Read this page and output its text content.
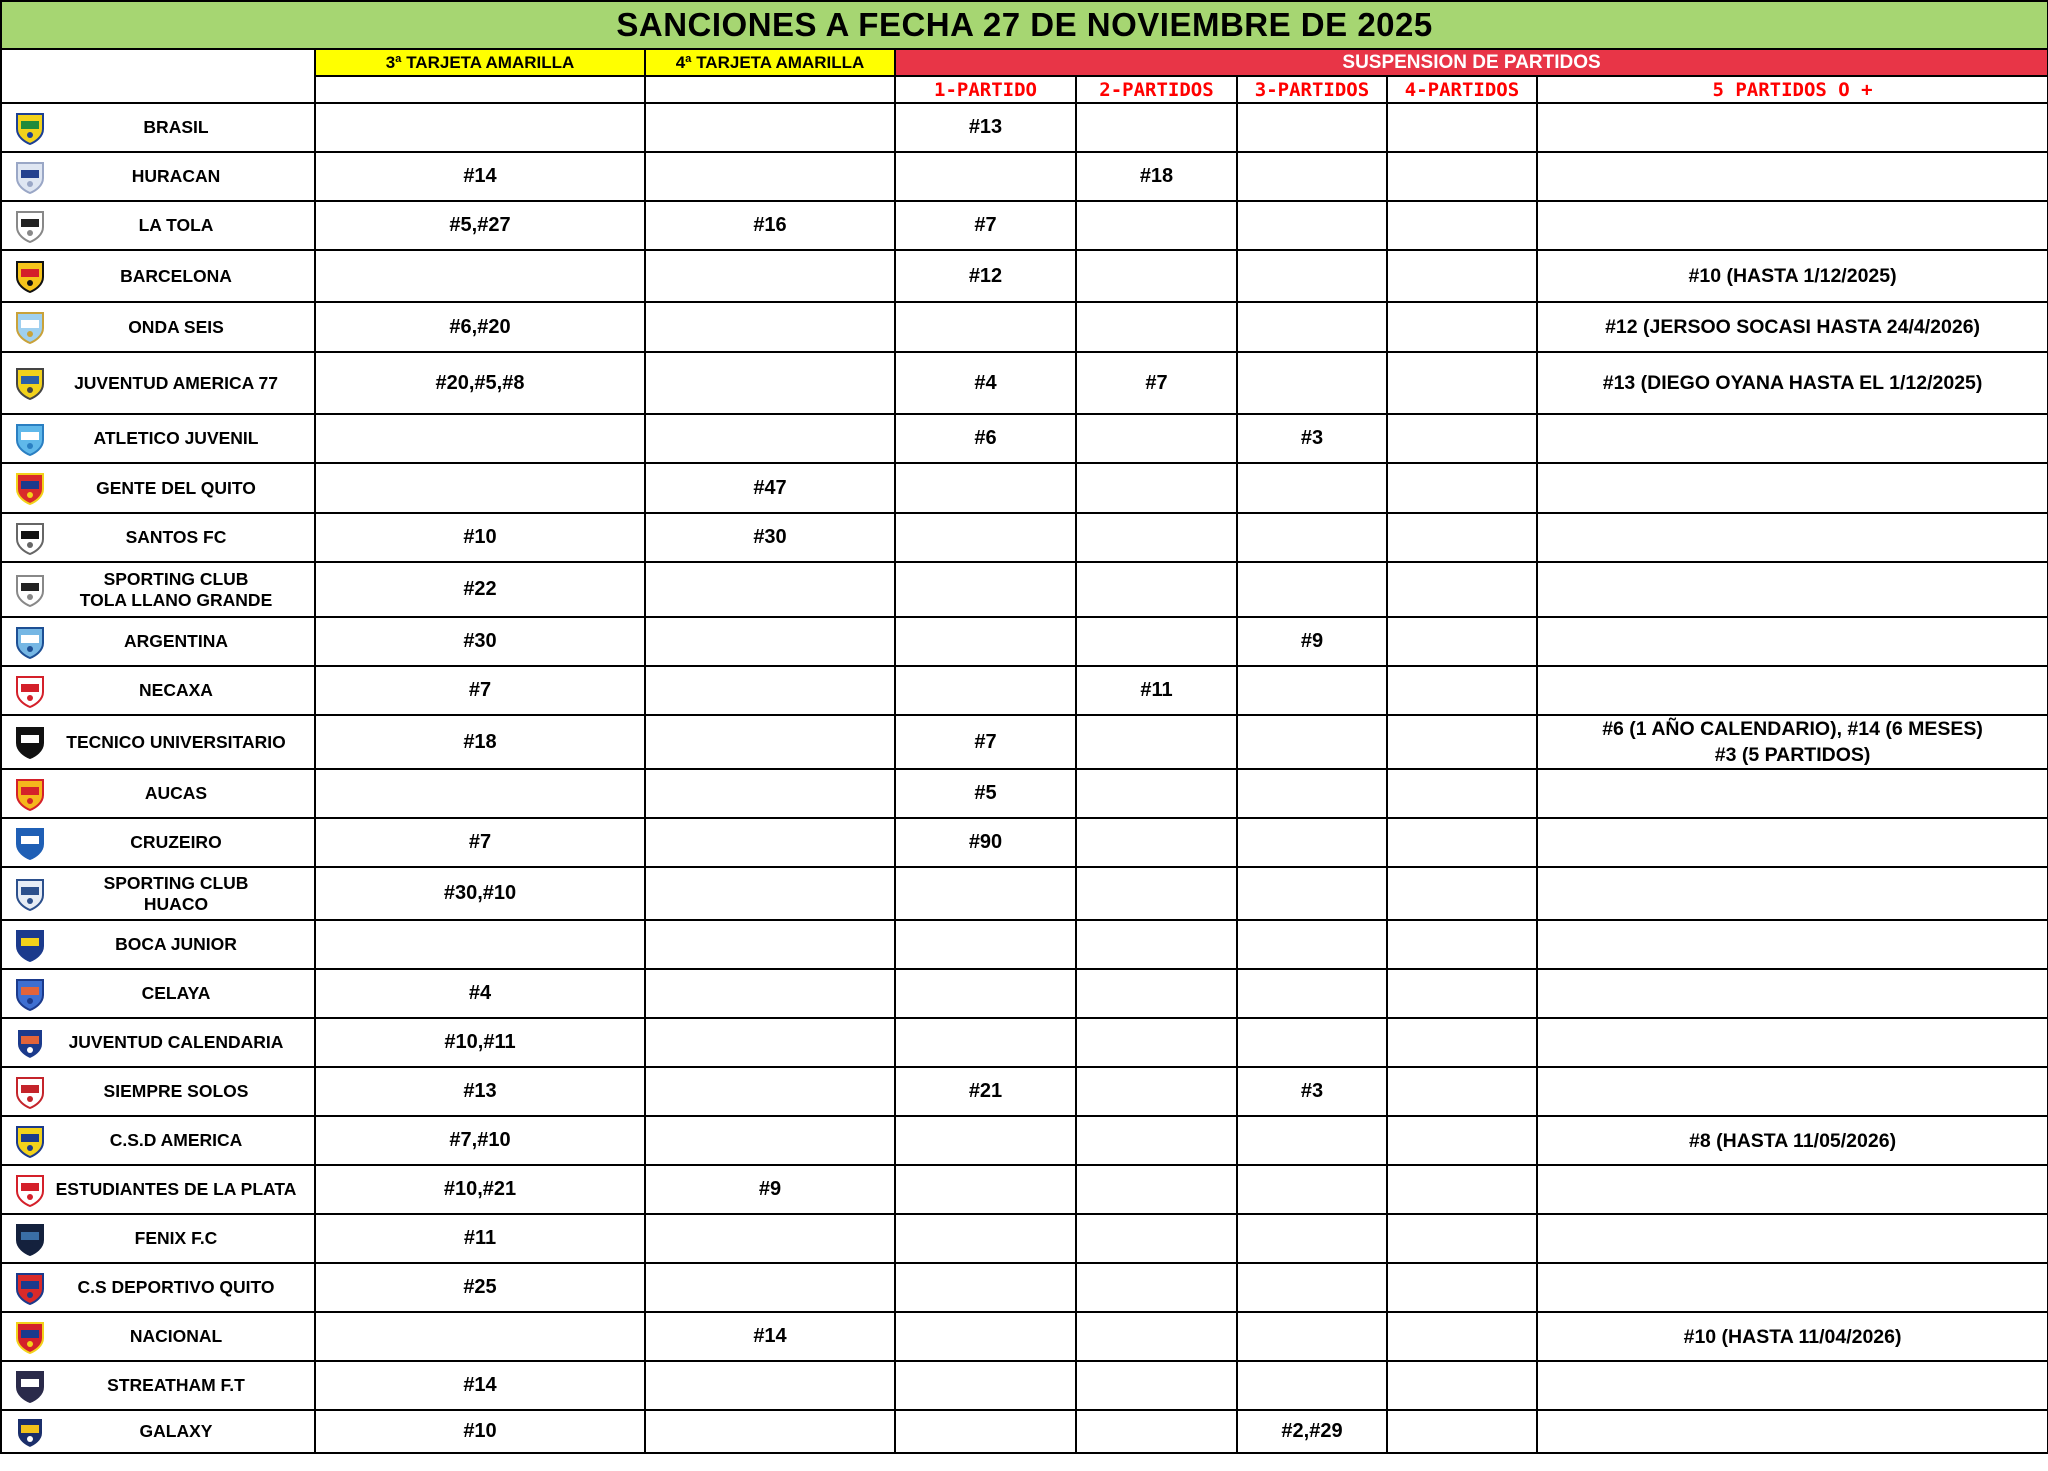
SANCIONES A FECHA 27 DE NOVIEMBRE DE 2025							
	3ª TARJETA AMARILLA	4ª TARJETA AMARILLA	SUSPENSION DE PARTIDOS				
			1-PARTIDO	2-PARTIDOS	3-PARTIDOS	4-PARTIDOS	5 PARTIDOS O +

BRASIL			#13				

HURACAN	#14			#18			

LA TOLA	#5,#27	#16	#7				

BARCELONA			#12				#10 (HASTA 1/12/2025)

ONDA SEIS	#6,#20						#12 (JERSOO SOCASI HASTA 24/4/2026)

JUVENTUD AMERICA 77	#20,#5,#8		#4	#7			#13 (DIEGO OYANA HASTA EL 1/12/2025)

ATLETICO JUVENIL			#6		#3		

GENTE DEL QUITO		#47					

SANTOS FC	#10	#30					

SPORTING CLUB
TOLA LLANO GRANDE	#22						

ARGENTINA	#30				#9		

NECAXA	#7			#11			

TECNICO UNIVERSITARIO	#18		#7				#6 (1 AÑO CALENDARIO), #14 (6 MESES)
#3 (5 PARTIDOS)

AUCAS			#5				

CRUZEIRO	#7		#90				

SPORTING CLUB
HUACO	#30,#10						

BOCA JUNIOR							

CELAYA	#4						

JUVENTUD CALENDARIA	#10,#11						

SIEMPRE SOLOS	#13		#21		#3		

C.S.D AMERICA	#7,#10						#8 (HASTA 11/05/2026)

ESTUDIANTES DE LA PLATA	#10,#21	#9					

FENIX F.C	#11						

C.S DEPORTIVO QUITO	#25						

NACIONAL		#14					#10 (HASTA 11/04/2026)

STREATHAM F.T	#14						

GALAXY	#10				#2,#29		
